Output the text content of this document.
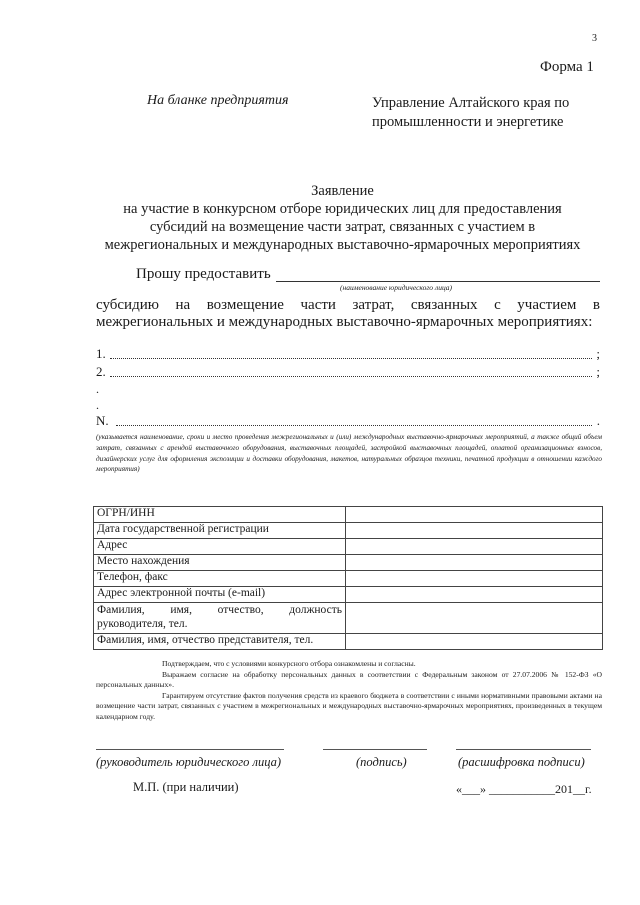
3
Форма 1
На бланке предприятия	Управление Алтайского края по
промышленности и энергетике
Заявление
на участие в конкурсном отборе юридических лиц для предоставления
субсидий на возмещение части затрат, связанных с участием в
межрегиональных и международных выставочно-ярмарочных мероприятиях
Прошу предоставить
(наименование юридического лица)
субсидию на возмещение части затрат, связанных с участием в
межрегиональных и международных выставочно-ярмарочных мероприятиях:
1.	;
2.	;
.
.
N.	.
(указывается наименование, сроки и место проведения межрегиональных и (или) международных выставочно-ярмарочных мероприятий, а также общий объем затрат, связанных с арендой выставочного оборудования, выставочных площадей, застройкой выставочных площадей, оплатой организационных взносов, дизайнерских услуг для оформления экспозиции и доставки оборудования, макетов, натуральных образцов техники, печатной продукции в отношении каждого мероприятия)
ОГРН/ИНН	
Дата государственной регистрации	
Адрес	
Место нахождения	
Телефон, факс	
Адрес электронной почты (e-mail)	

Фамилия, имя, отчество, должность
руководителя, тел.	

Фамилия, имя, отчество представителя, тел.	

Подтверждаем, что с условиями конкурсного отбора ознакомлены и согласны.

Выражаем согласие на обработку персональных данных в соответствии с Федеральным законом от 27.07.2006 № 152-ФЗ «О персональных данных».

Гарантируем отсутствие фактов получения средств из краевого бюджета в соответствии с иными нормативными правовыми актами на возмещение части затрат, связанных с участием в межрегиональных и международных выставочно-ярмарочных мероприятиях, произведенных в текущем календарном году.

(руководитель юридического лица)	(подпись)	(расшифровка подписи)
М.П. (при наличии)	«___» ___________201__г.
